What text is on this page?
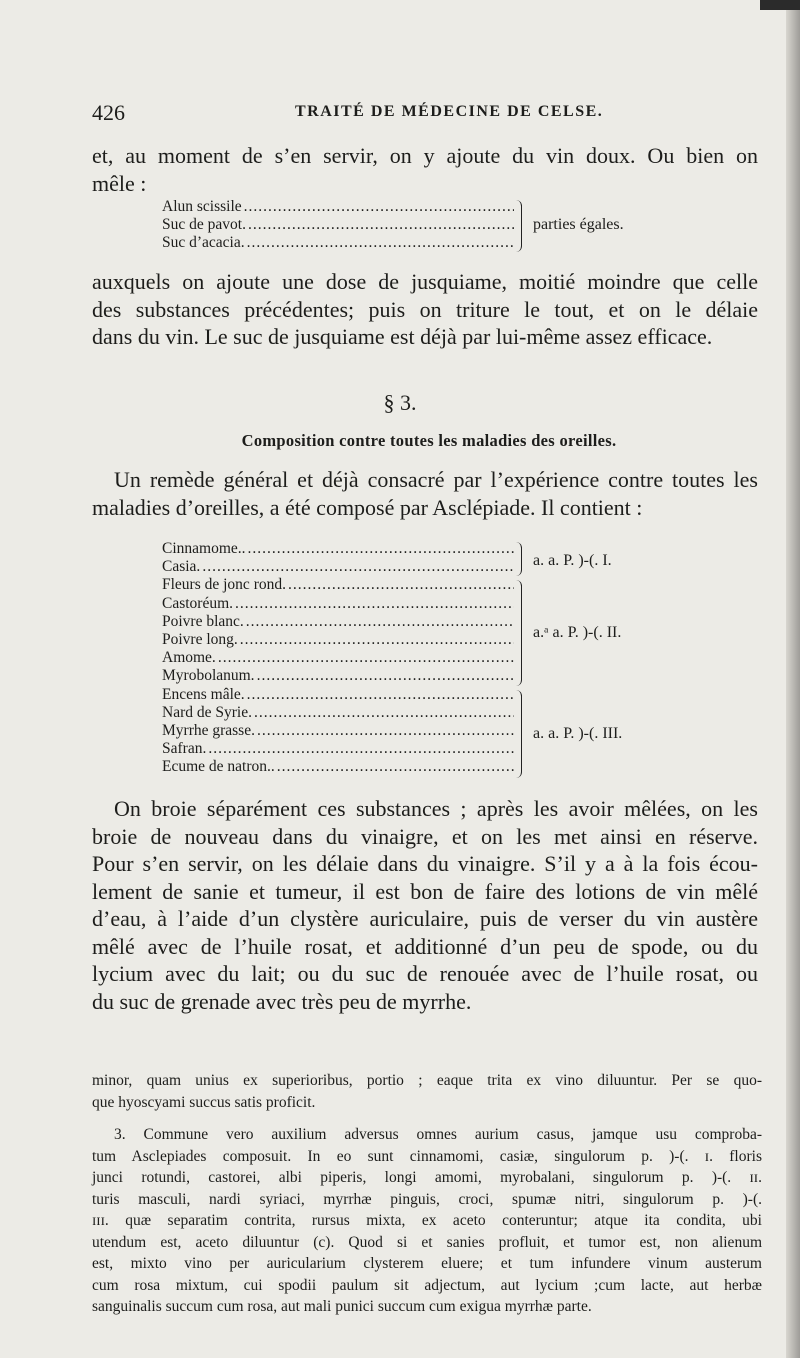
426	TRAITÉ DE MÉDECINE DE CELSE.
et, au moment de s’en servir, on y ajoute du vin doux. Ou bien on
mêle :
Alun scissile
.....
Suc de pavot.
.....
Suc d’acacia.
.....
parties égales.
auxquels on ajoute une dose de jusquiame, moitié moindre que celle
des substances précédentes; puis on triture le tout, et on le délaie
dans du vin. Le suc de jusquiame est déjà par lui-même assez efficace.
§ 3.
Composition contre toutes les maladies des oreilles.
Un remède général et déjà consacré par l’expérience contre toutes les
maladies d’oreilles, a été composé par Asclépiade. Il contient :
Cinnamome..
.....
Casia.
.....
Fleurs de jonc rond.
.....
Castoréum.
.....
Poivre blanc.
.....
Poivre long.
.....
Amome.
.....
Myrobolanum.
.....
Encens mâle.
.....
Nard de Syrie.
.....
Myrrhe grasse.
.....
Safran.
.....
Ecume de natron..
.....
a. a. P. )-(. I.
a.ᵃ a. P. )-(. II.
a. a. P. )-(. III.
On broie séparément ces substances ; après les avoir mêlées, on les
broie de nouveau dans du vinaigre, et on les met ainsi en réserve.
Pour s’en servir, on les délaie dans du vinaigre. S’il y a à la fois écou-
lement de sanie et tumeur, il est bon de faire des lotions de vin mêlé
d’eau, à l’aide d’un clystère auriculaire, puis de verser du vin austère
mêlé avec de l’huile rosat, et additionné d’un peu de spode, ou du
lycium avec du lait; ou du suc de renouée avec de l’huile rosat, ou
du suc de grenade avec très peu de myrrhe.
minor, quam unius ex superioribus, portio ; eaque trita ex vino diluuntur. Per se quo-
que hyoscyami succus satis proficit.
3. Commune vero auxilium adversus omnes aurium casus, jamque usu comproba-
tum Asclepiades composuit. In eo sunt cinnamomi, casiæ, singulorum p. )-(. ɪ. floris
junci rotundi, castorei, albi piperis, longi amomi, myrobalani, singulorum p. )-(. ɪɪ.
turis masculi, nardi syriaci, myrrhæ pinguis, croci, spumæ nitri, singulorum p. )-(.
ɪɪɪ. quæ separatim contrita, rursus mixta, ex aceto conteruntur; atque ita condita, ubi
utendum est, aceto diluuntur (c). Quod si et sanies profluit, et tumor est, non alienum
est, mixto vino per auricularium clysterem eluere; et tum infundere vinum austerum
cum rosa mixtum, cui spodii paulum sit adjectum, aut lycium ;cum lacte, aut herbæ
sanguinalis succum cum rosa, aut mali punici succum cum exigua myrrhæ parte.
